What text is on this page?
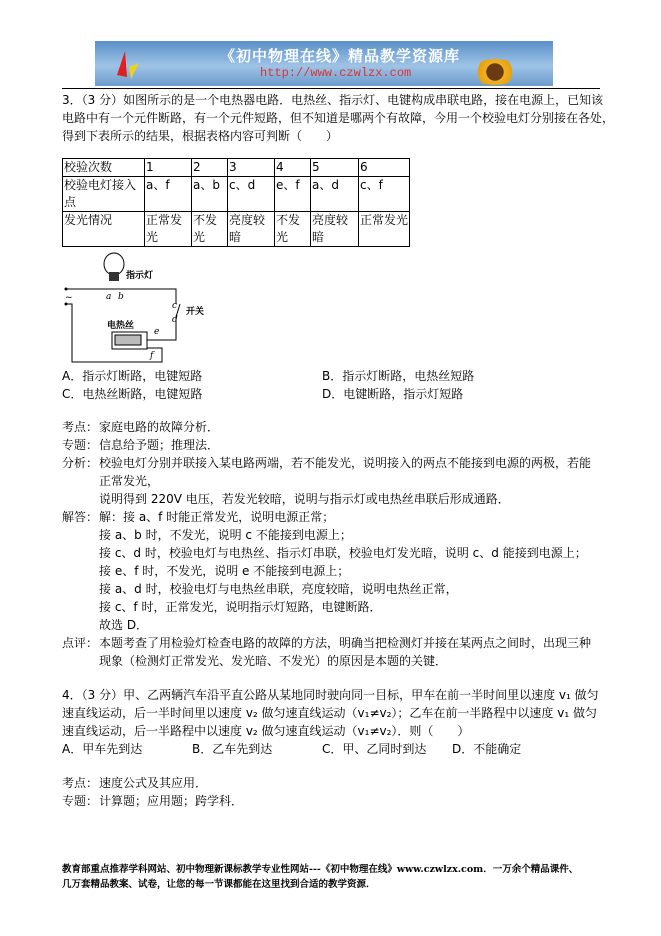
《初中物理在线》精品教学资源库
http://www.czwlzx.com
3．（3 分）如图所示的是一个电热器电路．电热丝、指示灯、电键构成串联电路，接在电源上，已知该
电路中有一个元件断路，有一个元件短路，但不知道是哪两个有故障，今用一个校验电灯分别接在各处，
得到下表所示的结果，根据表格内容可判断（　　）
校验次数	1	2	3	4	5	6
校验电灯接入点	a、f	a、b	c、d	e、f	a、d	c、f
发光情况	正常发光	不发光	亮度较暗	不发光	亮度较暗	正常发光
~
指示灯
a b
c
d
e
f
开关
电热丝
A．指示灯断路，电键短路	B．指示灯断路，电热丝短路
C．电热丝断路，电键短路	D．电键断路，指示灯短路
考点： 家庭电路的故障分析．
专题： 信息给予题；推理法．
分析： 校验电灯分别并联接入某电路两端，若不能发光，说明接入的两点不能接到电源的两极，若能
正常发光，
说明得到 220V 电压，若发光较暗，说明与指示灯或电热丝串联后形成通路．
解答： 解：接 a、f 时能正常发光，说明电源正常；
接 a、b 时，不发光，说明 c 不能接到电源上；
接 c、d 时，校验电灯与电热丝、指示灯串联，校验电灯发光暗，说明 c、d 能接到电源上；
接 e、f 时，不发光，说明 e 不能接到电源上；
接 a、d 时，校验电灯与电热丝串联，亮度较暗，说明电热丝正常，
接 c、f 时，正常发光，说明指示灯短路，电键断路．
故选 D．
点评： 本题考查了用检验灯检查电路的故障的方法，明确当把检测灯并接在某两点之间时，出现三种
现象（检测灯正常发光、发光暗、不发光）的原因是本题的关键．
4．（3 分）甲、乙两辆汽车沿平直公路从某地同时驶向同一目标，甲车在前一半时间里以速度 v₁ 做匀
速直线运动，后一半时间里以速度 v₂ 做匀速直线运动（v₁≠v₂）；乙车在前一半路程中以速度 v₁ 做匀
速直线运动，后一半路程中以速度 v₂ 做匀速直线运动（v₁≠v₂）．则（　　）
A．甲车先到达	B．乙车先到达	C．甲、乙同时到达 D．不能确定
考点： 速度公式及其应用．
专题： 计算题；应用题；跨学科．
教育部重点推荐学科网站、初中物理新课标教学专业性网站---《初中物理在线》www.czwlzx.com．一万余个精品课件、
几万套精品教案、试卷，让您的每一节课都能在这里找到合适的教学资源．
